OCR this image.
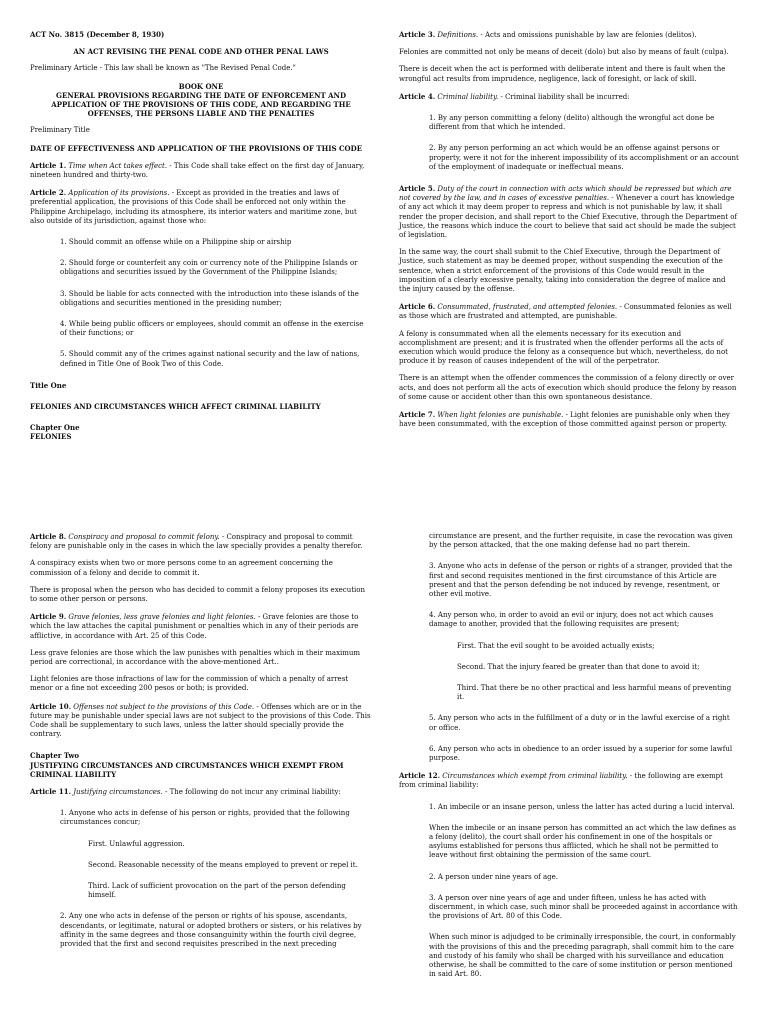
ACT No. 3815 (December 8, 1930)

AN ACT REVISING THE PENAL CODE AND OTHER PENAL LAWS

Preliminary Article - This law shall be known as "The Revised Penal Code."

BOOK ONE

GENERAL PROVISIONS REGARDING THE DATE OF ENFORCEMENT AND APPLICATION OF THE PROVISIONS OF THIS CODE, AND REGARDING THE OFFENSES, THE PERSONS LIABLE AND THE PENALTIES

Preliminary Title

DATE OF EFFECTIVENESS AND APPLICATION OF THE PROVISIONS OF THIS CODE

Article 1. Time when Act takes effect. - This Code shall take effect on the first day of January, nineteen hundred and thirty-two.

Article 2. Application of its provisions. - Except as provided in the treaties and laws of preferential application, the provisions of this Code shall be enforced not only within the Philippine Archipelago, including its atmosphere, its interior waters and maritime zone, but also outside of its jurisdiction, against those who:

1. Should commit an offense while on a Philippine ship or airship

2. Should forge or counterfeit any coin or currency note of the Philippine Islands or obligations and securities issued by the Government of the Philippine Islands;

3. Should be liable for acts connected with the introduction into these islands of the obligations and securities mentioned in the presiding number;

4. While being public officers or employees, should commit an offense in the exercise of their functions; or

5. Should commit any of the crimes against national security and the law of nations, defined in Title One of Book Two of this Code.

Title One

FELONIES AND CIRCUMSTANCES WHICH AFFECT CRIMINAL LIABILITY

Chapter One
FELONIES

Article 3. Definitions. - Acts and omissions punishable by law are felonies (delitos).

Felonies are committed not only be means of deceit (dolo) but also by means of fault (culpa).

There is deceit when the act is performed with deliberate intent and there is fault when the wrongful act results from imprudence, negligence, lack of foresight, or lack of skill.

Article 4. Criminal liability. - Criminal liability shall be incurred:

1. By any person committing a felony (delito) although the wrongful act done be different from that which he intended.

2. By any person performing an act which would be an offense against persons or property, were it not for the inherent impossibility of its accomplishment or an account of the employment of inadequate or ineffectual means.

Article 5. Duty of the court in connection with acts which should be repressed but which are not covered by the law, and in cases of excessive penalties. - Whenever a court has knowledge of any act which it may deem proper to repress and which is not punishable by law, it shall render the proper decision, and shall report to the Chief Executive, through the Department of Justice, the reasons which induce the court to believe that said act should be made the subject of legislation.

In the same way, the court shall submit to the Chief Executive, through the Department of Justice, such statement as may be deemed proper, without suspending the execution of the sentence, when a strict enforcement of the provisions of this Code would result in the imposition of a clearly excessive penalty, taking into consideration the degree of malice and the injury caused by the offense.

Article 6. Consummated, frustrated, and attempted felonies. - Consummated felonies as well as those which are frustrated and attempted, are punishable.

A felony is consummated when all the elements necessary for its execution and accomplishment are present; and it is frustrated when the offender performs all the acts of execution which would produce the felony as a consequence but which, nevertheless, do not produce it by reason of causes independent of the will of the perpetrator.

There is an attempt when the offender commences the commission of a felony directly or over acts, and does not perform all the acts of execution which should produce the felony by reason of some cause or accident other than this own spontaneous desistance.

Article 7. When light felonies are punishable. - Light felonies are punishable only when they have been consummated, with the exception of those committed against person or property.

Article 8. Conspiracy and proposal to commit felony. - Conspiracy and proposal to commit felony are punishable only in the cases in which the law specially provides a penalty therefor.

A conspiracy exists when two or more persons come to an agreement concerning the commission of a felony and decide to commit it.

There is proposal when the person who has decided to commit a felony proposes its execution to some other person or persons.

Article 9. Grave felonies, less grave felonies and light felonies. - Grave felonies are those to which the law attaches the capital punishment or penalties which in any of their periods are afflictive, in accordance with Art. 25 of this Code.

Less grave felonies are those which the law punishes with penalties which in their maximum period are correctional, in accordance with the above-mentioned Art..

Light felonies are those infractions of law for the commission of which a penalty of arrest menor or a fine not exceeding 200 pesos or both; is provided.

Article 10. Offenses not subject to the provisions of this Code. - Offenses which are or in the future may be punishable under special laws are not subject to the provisions of this Code. This Code shall be supplementary to such laws, unless the latter should specially provide the contrary.

Chapter Two

JUSTIFYING CIRCUMSTANCES AND CIRCUMSTANCES WHICH EXEMPT FROM CRIMINAL LIABILITY

Article 11. Justifying circumstances. - The following do not incur any criminal liability:

1. Anyone who acts in defense of his person or rights, provided that the following circumstances concur;

First. Unlawful aggression.

Second. Reasonable necessity of the means employed to prevent or repel it.

Third. Lack of sufficient provocation on the part of the person defending himself.

2. Any one who acts in defense of the person or rights of his spouse, ascendants, descendants, or legitimate, natural or adopted brothers or sisters, or his relatives by affinity in the same degrees and those consanguinity within the fourth civil degree, provided that the first and second requisites prescribed in the next preceding

circumstance are present, and the further requisite, in case the revocation was given by the person attacked, that the one making defense had no part therein.

3. Anyone who acts in defense of the person or rights of a stranger, provided that the first and second requisites mentioned in the first circumstance of this Article are present and that the person defending be not induced by revenge, resentment, or other evil motive.

4. Any person who, in order to avoid an evil or injury, does not act which causes damage to another, provided that the following requisites are present;

First. That the evil sought to be avoided actually exists;

Second. That the injury feared be greater than that done to avoid it;

Third. That there be no other practical and less harmful means of preventing it.

5. Any person who acts in the fulfillment of a duty or in the lawful exercise of a right or office.

6. Any person who acts in obedience to an order issued by a superior for some lawful purpose.

Article 12. Circumstances which exempt from criminal liability. - the following are exempt from criminal liability:

1. An imbecile or an insane person, unless the latter has acted during a lucid interval.

When the imbecile or an insane person has committed an act which the law defines as a felony (delito), the court shall order his confinement in one of the hospitals or asylums established for persons thus afflicted, which he shall not be permitted to leave without first obtaining the permission of the same court.

2. A person under nine years of age.

3. A person over nine years of age and under fifteen, unless he has acted with discernment, in which case, such minor shall be proceeded against in accordance with the provisions of Art. 80 of this Code.

When such minor is adjudged to be criminally irresponsible, the court, in conformably with the provisions of this and the preceding paragraph, shall commit him to the care and custody of his family who shall be charged with his surveillance and education otherwise, he shall be committed to the care of some institution or person mentioned in said Art. 80.
